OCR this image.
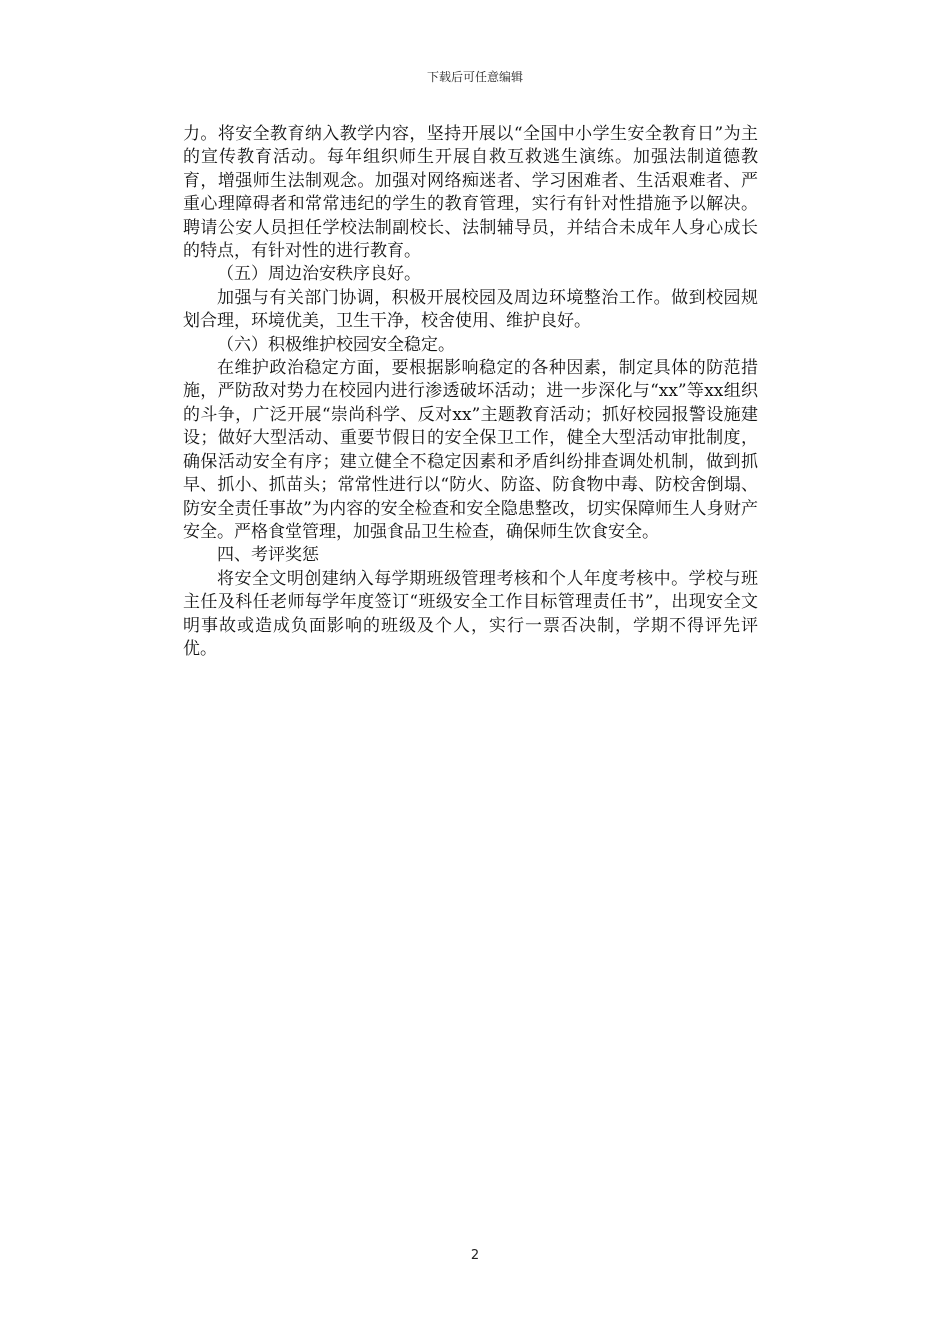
下载后可任意编辑

力。将安全教育纳入教学内容，坚持开展以“全国中小学生安全教育日”为主的宣传教育活动。每年组织师生开展自救互救逃生演练。加强法制道德教育，增强师生法制观念。加强对网络痴迷者、学习困难者、生活艰难者、严重心理障碍者和常常违纪的学生的教育管理，实行有针对性措施予以解决。聘请公安人员担任学校法制副校长、法制辅导员，并结合未成年人身心成长的特点，有针对性的进行教育。

（五）周边治安秩序良好。

加强与有关部门协调，积极开展校园及周边环境整治工作。做到校园规划合理，环境优美，卫生干净，校舍使用、维护良好。

（六）积极维护校园安全稳定。

在维护政治稳定方面，要根据影响稳定的各种因素，制定具体的防范措施，严防敌对势力在校园内进行渗透破坏活动；进一步深化与“xx”等xx组织的斗争，广泛开展“崇尚科学、反对xx”主题教育活动；抓好校园报警设施建设；做好大型活动、重要节假日的安全保卫工作，健全大型活动审批制度，确保活动安全有序；建立健全不稳定因素和矛盾纠纷排查调处机制，做到抓早、抓小、抓苗头；常常性进行以“防火、防盗、防食物中毒、防校舍倒塌、防安全责任事故”为内容的安全检查和安全隐患整改，切实保障师生人身财产安全。严格食堂管理，加强食品卫生检查，确保师生饮食安全。

四、考评奖惩

将安全文明创建纳入每学期班级管理考核和个人年度考核中。学校与班主任及科任老师每学年度签订“班级安全工作目标管理责任书”，出现安全文明事故或造成负面影响的班级及个人，实行一票否决制，学期不得评先评优。

2
